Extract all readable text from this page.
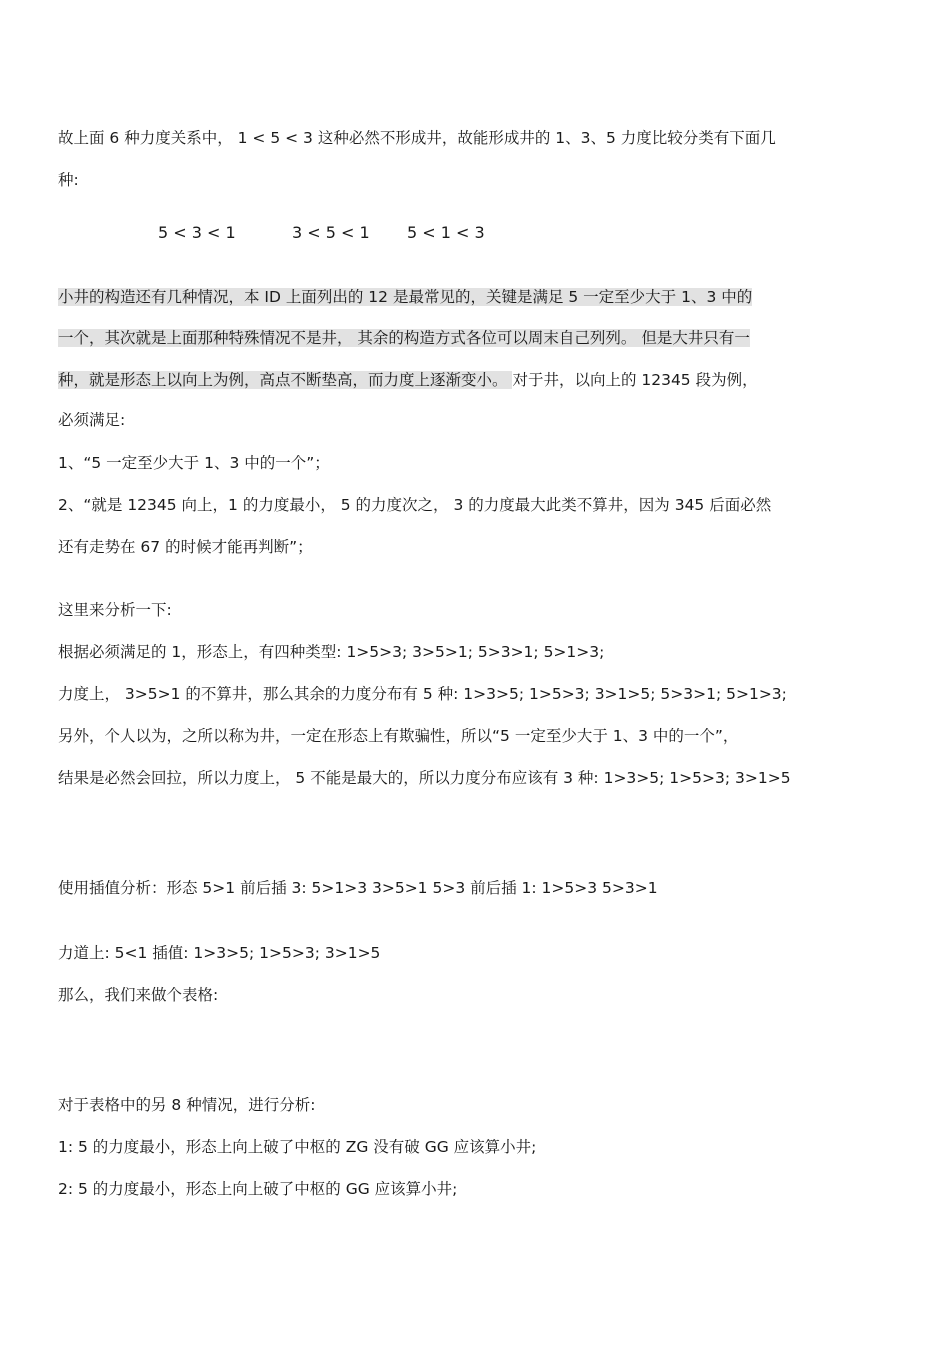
故上面 6 种力度关系中， 1 < 5 < 3 这种必然不形成井，故能形成井的 1、3、5 力度比较分类有下面几
种:
5 < 3 < 1	3 < 5 < 1 5 < 1 < 3
小井的构造还有几种情况，本 ID 上面列出的 12 是最常见的，关键是满足 5 一定至少大于 1、3 中的
一个，其次就是上面那种特殊情况不是井， 其余的构造方式各位可以周末自己列列。 但是大井只有一
种，就是形态上以向上为例，高点不断垫高，而力度上逐渐变小。 对于井，以向上的 12345 段为例，
必须满足:
1、“5 一定至少大于 1、3 中的一个”；
2、“就是 12345 向上，1 的力度最小， 5 的力度次之， 3 的力度最大此类不算井，因为 345 后面必然
还有走势在 67 的时候才能再判断”；
这里来分析一下:
根据必须满足的 1，形态上，有四种类型: 1>5>3; 3>5>1; 5>3>1; 5>1>3;
力度上， 3>5>1 的不算井，那么其余的力度分布有 5 种: 1>3>5; 1>5>3; 3>1>5; 5>3>1; 5>1>3;
另外，个人以为，之所以称为井，一定在形态上有欺骗性，所以“5 一定至少大于 1、3 中的一个”，
结果是必然会回拉，所以力度上， 5 不能是最大的，所以力度分布应该有 3 种: 1>3>5; 1>5>3; 3>1>5
使用插值分析：形态 5>1 前后插 3: 5>1>3 3>5>1 5>3 前后插 1: 1>5>3 5>3>1
力道上: 5<1 插值: 1>3>5; 1>5>3; 3>1>5
那么，我们来做个表格:
对于表格中的另 8 种情况，进行分析:
1: 5 的力度最小，形态上向上破了中枢的 ZG 没有破 GG 应该算小井;
2: 5 的力度最小，形态上向上破了中枢的 GG 应该算小井;
